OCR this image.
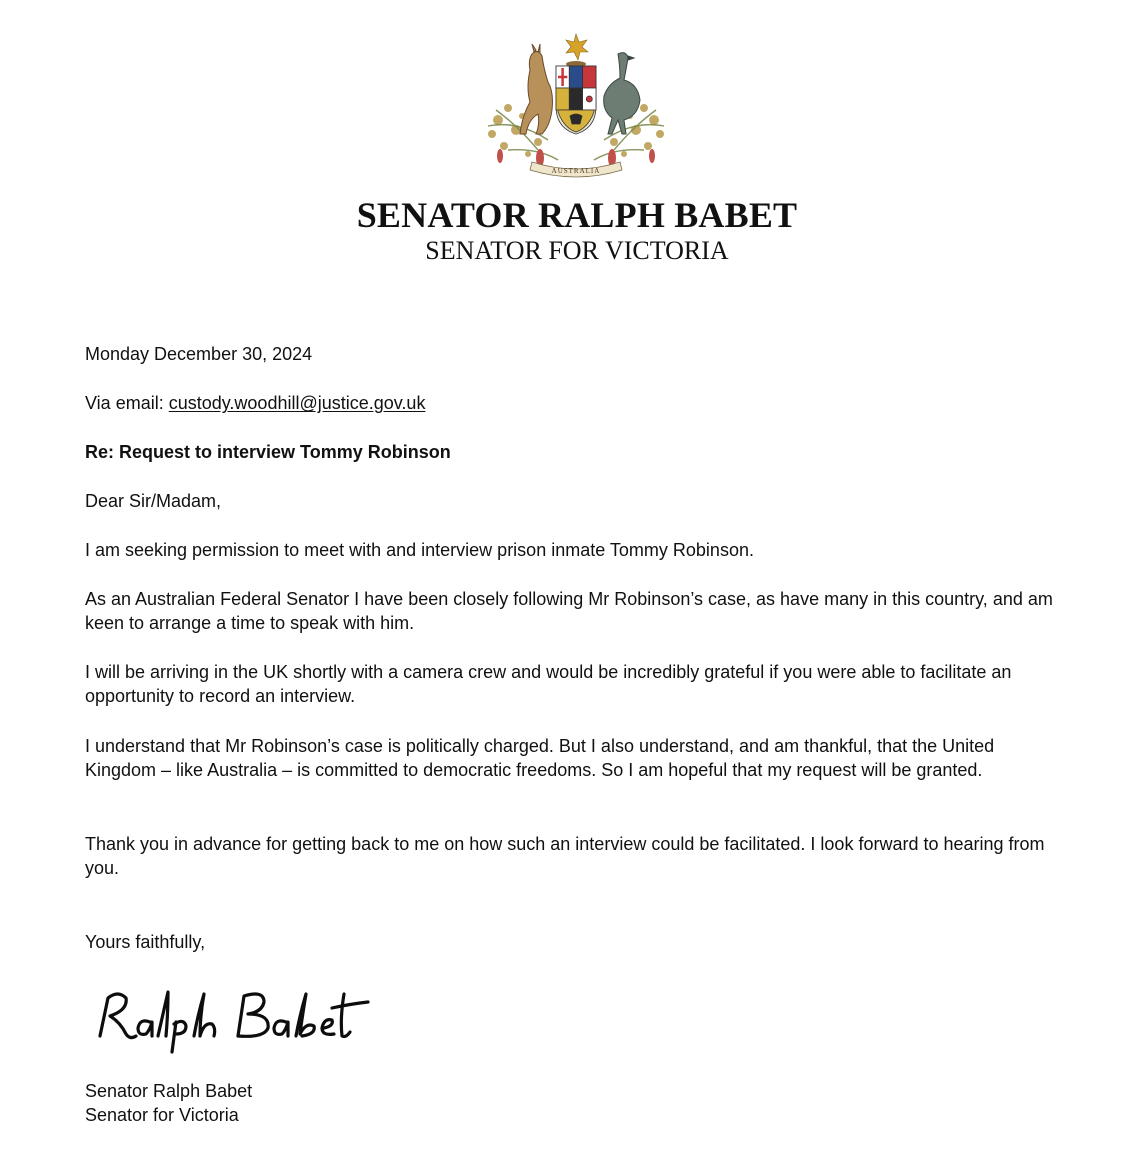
AUSTRALIA
SENATOR RALPH BABET
SENATOR FOR VICTORIA
Monday December 30, 2024
Via email: custody.woodhill@justice.gov.uk
Re: Request to interview Tommy Robinson
Dear Sir/Madam,
I am seeking permission to meet with and interview prison inmate Tommy Robinson.
As an Australian Federal Senator I have been closely following Mr Robinson’s case, as have many in this country, and am keen to arrange a time to speak with him.
I will be arriving in the UK shortly with a camera crew and would be incredibly grateful if you were able to facilitate an opportunity to record an interview.
I understand that Mr Robinson’s case is politically charged. But I also understand, and am thankful, that the United Kingdom – like Australia – is committed to democratic freedoms. So I am hopeful that my request will be granted.
Thank you in advance for getting back to me on how such an interview could be facilitated. I look forward to hearing from you.
Yours faithfully,
Senator Ralph Babet
Senator for Victoria
